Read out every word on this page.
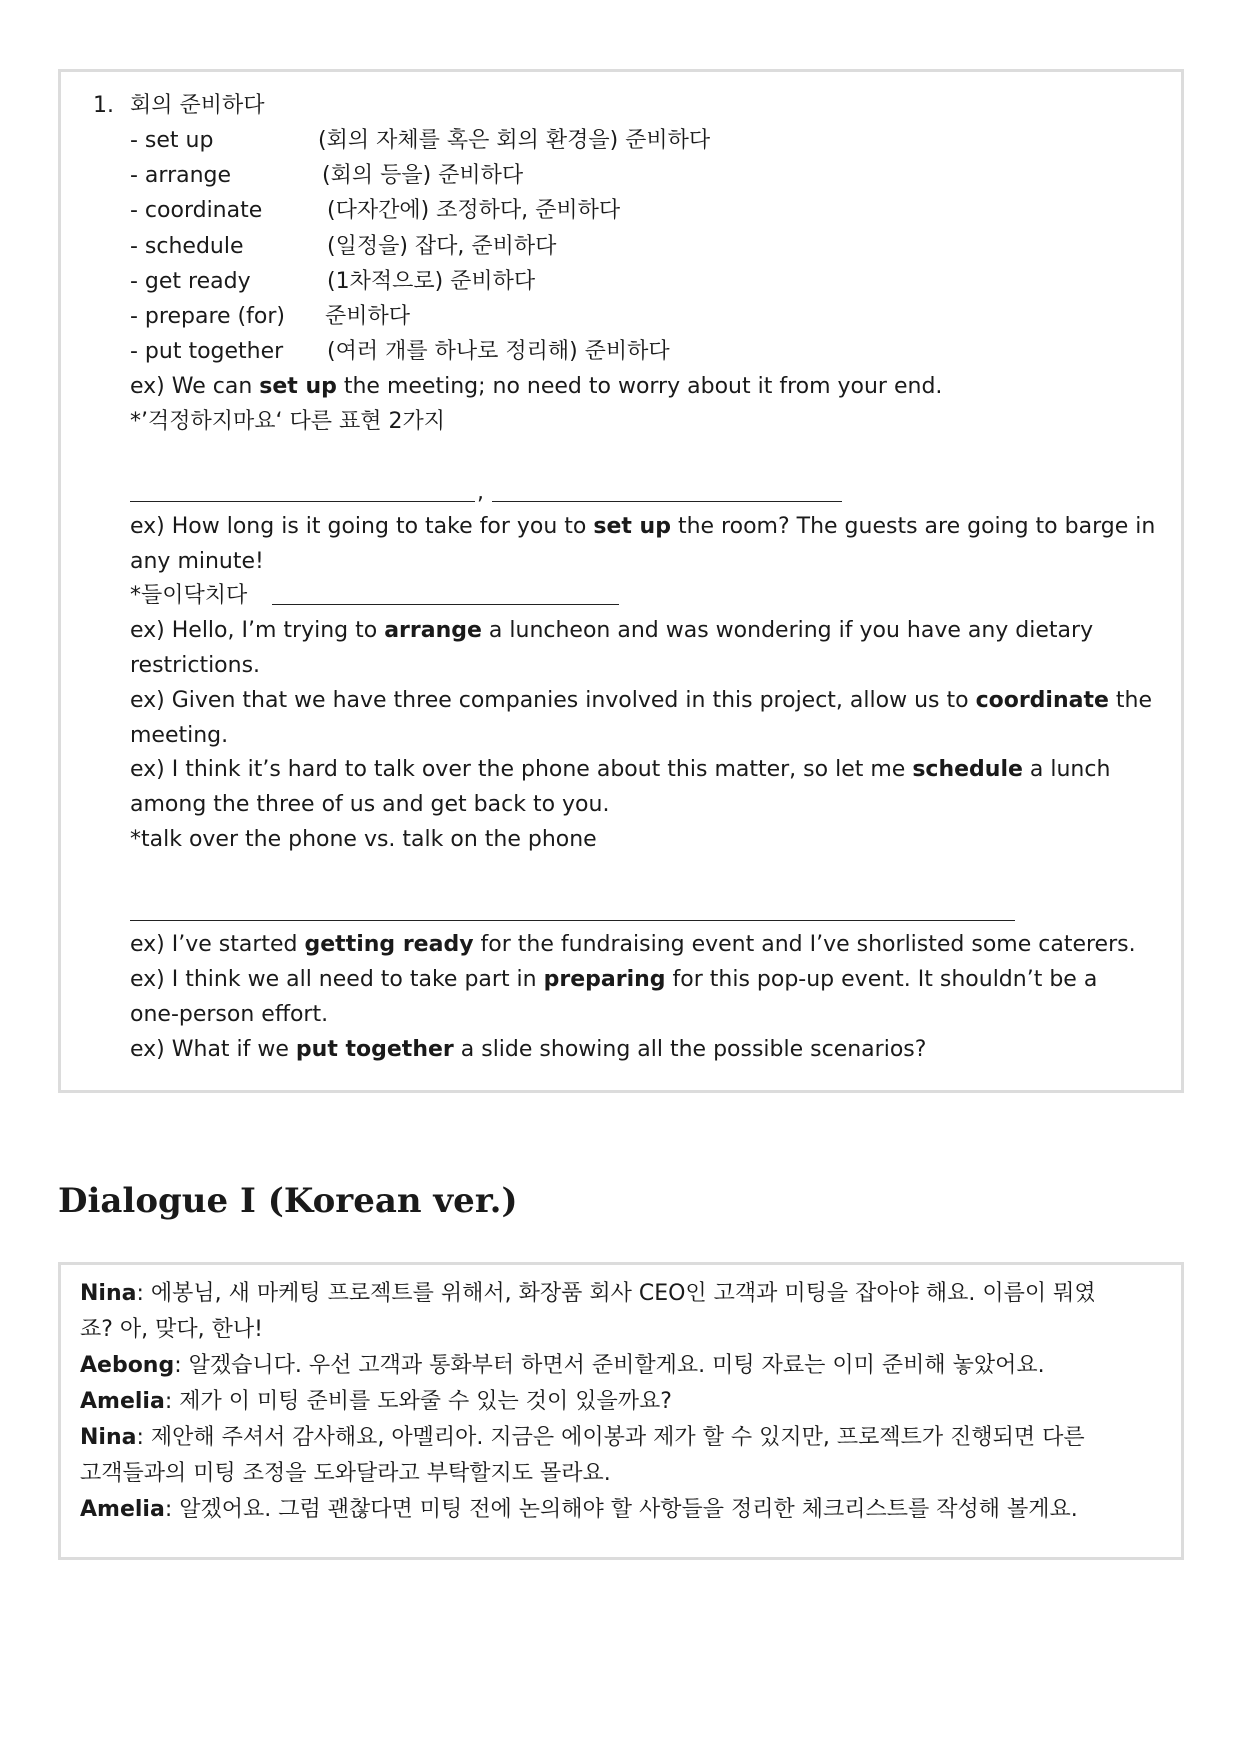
1. 회의 준비하다
- set up	(회의 자체를 혹은 회의 환경을) 준비하다
- arrange	(회의 등을) 준비하다
- coordinate	(다자간에) 조정하다, 준비하다
- schedule	(일정을) 잡다, 준비하다
- get ready	(1차적으로) 준비하다
- prepare (for) 준비하다
- put together (여러 개를 하나로 정리해) 준비하다
ex) We can set up the meeting; no need to worry about it from your end.
*’걱정하지마요‘ 다른 표현 2가지
,
ex) How long is it going to take for you to set up the room? The guests are going to barge in
any minute!
*들이닥치다
ex) Hello, I’m trying to arrange a luncheon and was wondering if you have any dietary
restrictions.
ex) Given that we have three companies involved in this project, allow us to coordinate the
meeting.
ex) I think it’s hard to talk over the phone about this matter, so let me schedule a lunch
among the three of us and get back to you.
*talk over the phone vs. talk on the phone
ex) I’ve started getting ready for the fundraising event and I’ve shorlisted some caterers.
ex) I think we all need to take part in preparing for this pop-up event. It shouldn’t be a
one-person effort.
ex) What if we put together a slide showing all the possible scenarios?
Dialogue I (Korean ver.)
Nina: 에봉님, 새 마케팅 프로젝트를 위해서, 화장품 회사 CEO인 고객과 미팅을 잡아야 해요. 이름이 뭐였
죠? 아, 맞다, 한나!
Aebong: 알겠습니다. 우선 고객과 통화부터 하면서 준비할게요. 미팅 자료는 이미 준비해 놓았어요.
Amelia: 제가 이 미팅 준비를 도와줄 수 있는 것이 있을까요?
Nina: 제안해 주셔서 감사해요, 아멜리아. 지금은 에이봉과 제가 할 수 있지만, 프로젝트가 진행되면 다른
고객들과의 미팅 조정을 도와달라고 부탁할지도 몰라요.
Amelia: 알겠어요. 그럼 괜찮다면 미팅 전에 논의해야 할 사항들을 정리한 체크리스트를 작성해 볼게요.
